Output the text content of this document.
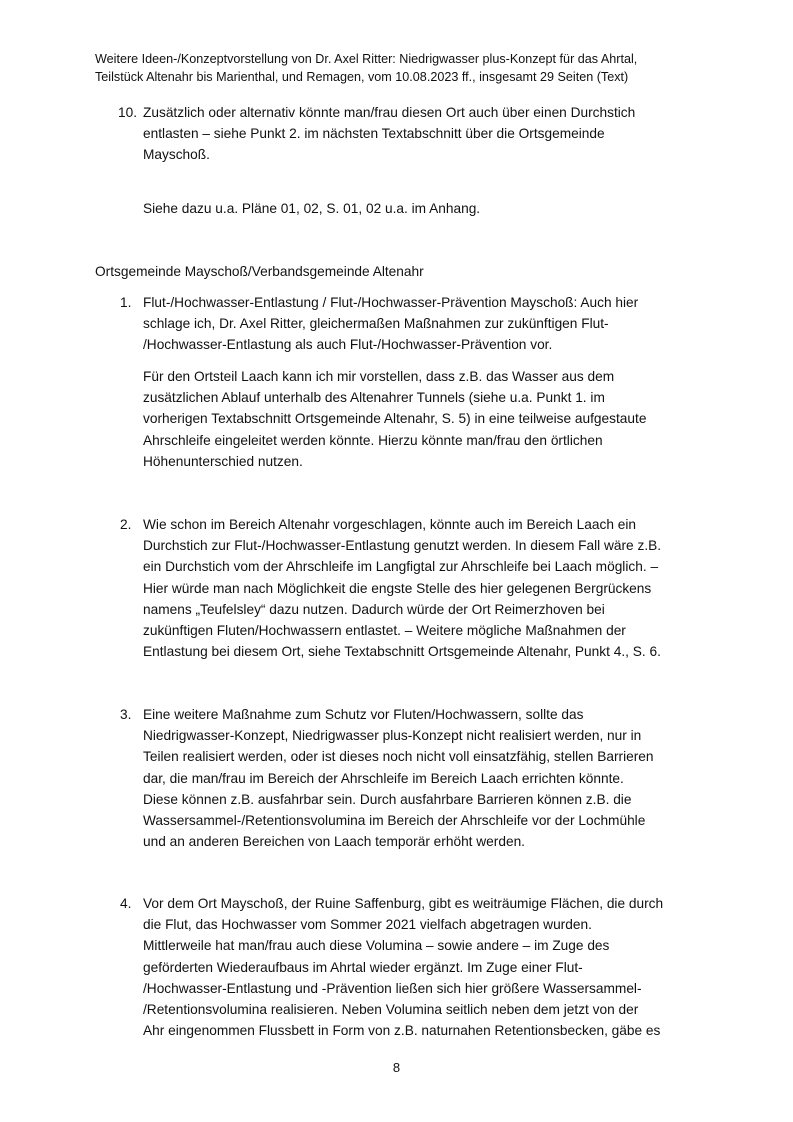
Weitere Ideen-/Konzeptvorstellung von Dr. Axel Ritter: Niedrigwasser plus-Konzept für das Ahrtal,
Teilstück Altenahr bis Marienthal, und Remagen, vom 10.08.2023 ff., insgesamt 29 Seiten (Text)
10. Zusätzlich oder alternativ könnte man/frau diesen Ort auch über einen Durchstich
entlasten – siehe Punkt 2. im nächsten Textabschnitt über die Ortsgemeinde
Mayschoß.
Siehe dazu u.a. Pläne 01, 02, S. 01, 02 u.a. im Anhang.
Ortsgemeinde Mayschoß/Verbandsgemeinde Altenahr
1. Flut-/Hochwasser-Entlastung / Flut-/Hochwasser-Prävention Mayschoß: Auch hier
schlage ich, Dr. Axel Ritter, gleichermaßen Maßnahmen zur zukünftigen Flut-
/Hochwasser-Entlastung als auch Flut-/Hochwasser-Prävention vor.
Für den Ortsteil Laach kann ich mir vorstellen, dass z.B. das Wasser aus dem
zusätzlichen Ablauf unterhalb des Altenahrer Tunnels (siehe u.a. Punkt 1. im
vorherigen Textabschnitt Ortsgemeinde Altenahr, S. 5) in eine teilweise aufgestaute
Ahrschleife eingeleitet werden könnte. Hierzu könnte man/frau den örtlichen
Höhenunterschied nutzen.
2. Wie schon im Bereich Altenahr vorgeschlagen, könnte auch im Bereich Laach ein
Durchstich zur Flut-/Hochwasser-Entlastung genutzt werden. In diesem Fall wäre z.B.
ein Durchstich vom der Ahrschleife im Langfigtal zur Ahrschleife bei Laach möglich. –
Hier würde man nach Möglichkeit die engste Stelle des hier gelegenen Bergrückens
namens „Teufelsley“ dazu nutzen. Dadurch würde der Ort Reimerzhoven bei
zukünftigen Fluten/Hochwassern entlastet. – Weitere mögliche Maßnahmen der
Entlastung bei diesem Ort, siehe Textabschnitt Ortsgemeinde Altenahr, Punkt 4., S. 6.
3. Eine weitere Maßnahme zum Schutz vor Fluten/Hochwassern, sollte das
Niedrigwasser-Konzept, Niedrigwasser plus-Konzept nicht realisiert werden, nur in
Teilen realisiert werden, oder ist dieses noch nicht voll einsatzfähig, stellen Barrieren
dar, die man/frau im Bereich der Ahrschleife im Bereich Laach errichten könnte.
Diese können z.B. ausfahrbar sein. Durch ausfahrbare Barrieren können z.B. die
Wassersammel-/Retentionsvolumina im Bereich der Ahrschleife vor der Lochmühle
und an anderen Bereichen von Laach temporär erhöht werden.
4. Vor dem Ort Mayschoß, der Ruine Saffenburg, gibt es weiträumige Flächen, die durch
die Flut, das Hochwasser vom Sommer 2021 vielfach abgetragen wurden.
Mittlerweile hat man/frau auch diese Volumina – sowie andere – im Zuge des
geförderten Wiederaufbaus im Ahrtal wieder ergänzt. Im Zuge einer Flut-
/Hochwasser-Entlastung und -Prävention ließen sich hier größere Wassersammel-
/Retentionsvolumina realisieren. Neben Volumina seitlich neben dem jetzt von der
Ahr eingenommen Flussbett in Form von z.B. naturnahen Retentionsbecken, gäbe es
8
